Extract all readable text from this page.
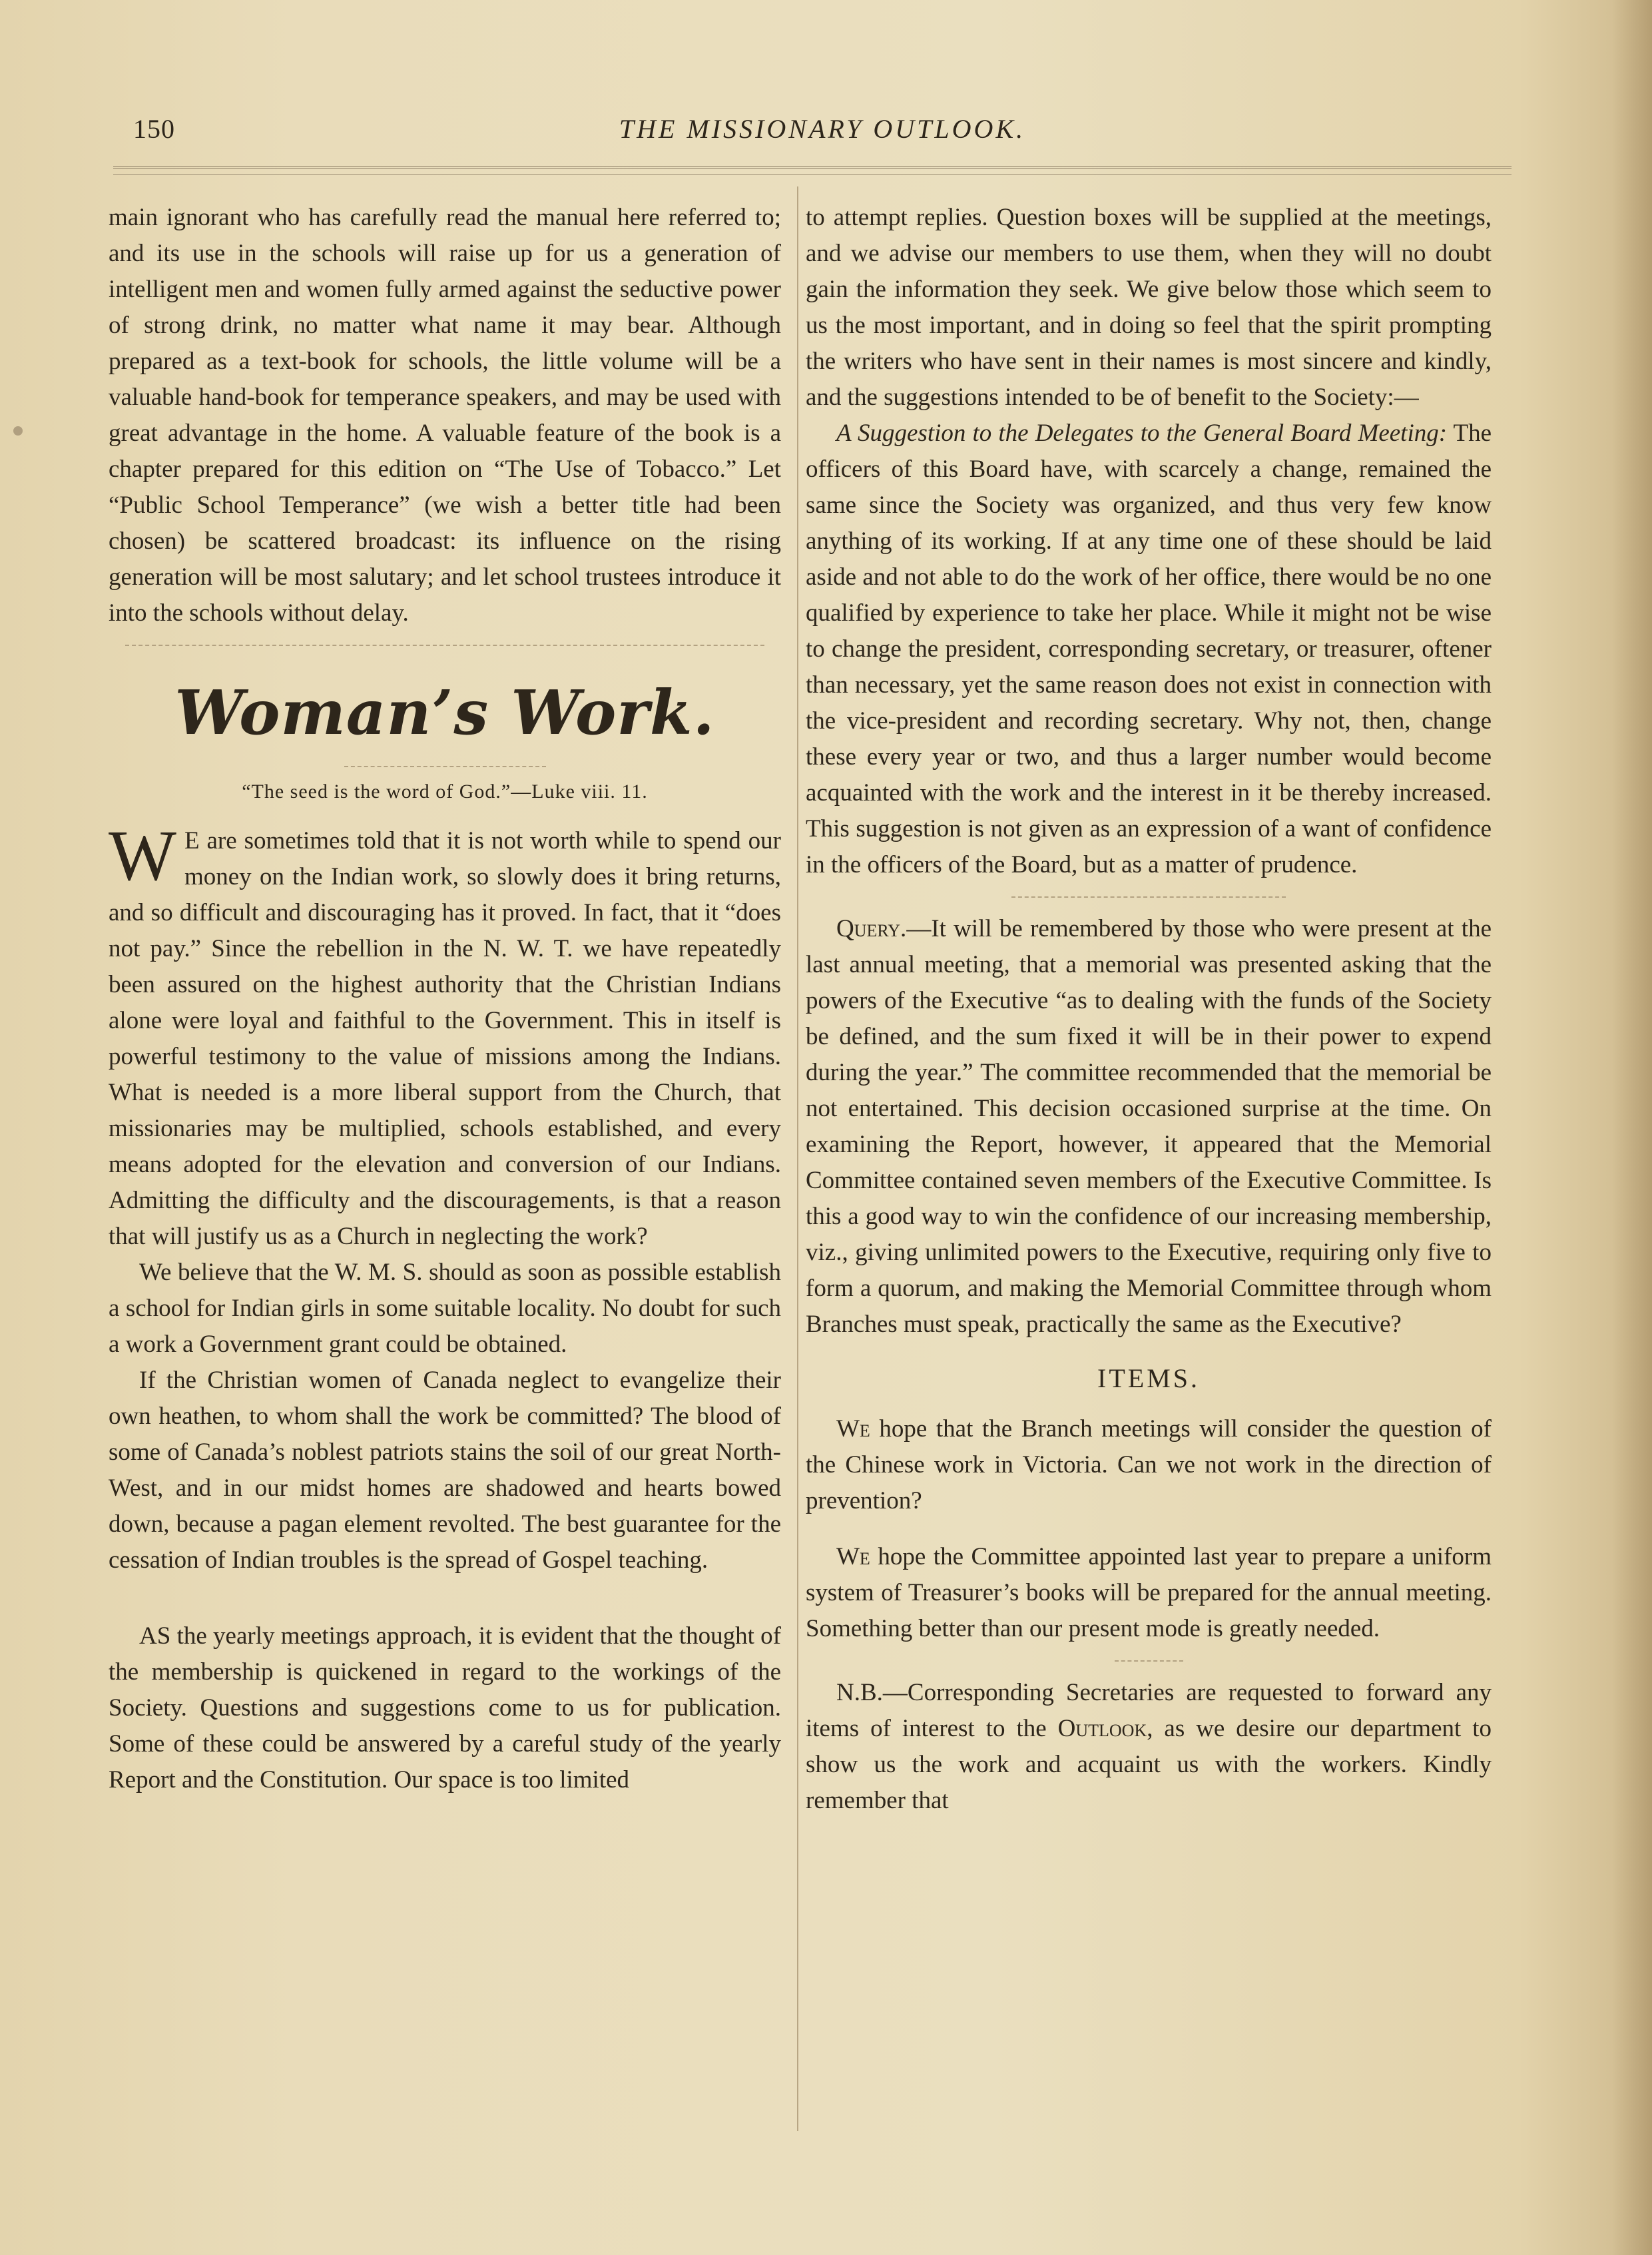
150	THE MISSIONARY OUTLOOK.

main ignorant who has carefully read the manual here referred to; and its use in the schools will raise up for us a generation of intelligent men and women fully armed against the seductive power of strong drink, no matter what name it may bear. Although prepared as a text-book for schools, the little volume will be a valuable hand-book for temperance speakers, and may be used with great advantage in the home. A valuable feature of the book is a chapter prepared for this edition on “The Use of Tobacco.” Let “Public School Temperance” (we wish a better title had been chosen) be scattered broadcast: its influence on the rising generation will be most salutary; and let school trustees introduce it into the schools without delay.

Woman’s Work.
“The seed is the word of God.”—Luke viii. 11.

WE are sometimes told that it is not worth while to spend our money on the Indian work, so slowly does it bring returns, and so difficult and discouraging has it proved. In fact, that it “does not pay.” Since the rebellion in the N. W. T. we have repeatedly been assured on the highest authority that the Christian Indians alone were loyal and faithful to the Government. This in itself is powerful testimony to the value of missions among the Indians. What is needed is a more liberal support from the Church, that missionaries may be multiplied, schools established, and every means adopted for the elevation and conversion of our Indians. Admitting the difficulty and the discouragements, is that a reason that will justify us as a Church in neglecting the work?

We believe that the W. M. S. should as soon as possible establish a school for Indian girls in some suitable locality. No doubt for such a work a Government grant could be obtained.

If the Christian women of Canada neglect to evangelize their own heathen, to whom shall the work be committed? The blood of some of Canada’s noblest patriots stains the soil of our great North-West, and in our midst homes are shadowed and hearts bowed down, because a pagan element revolted. The best guarantee for the cessation of Indian troubles is the spread of Gospel teaching.

AS the yearly meetings approach, it is evident that the thought of the membership is quickened in regard to the workings of the Society. Questions and suggestions come to us for publication. Some of these could be answered by a careful study of the yearly Report and the Constitution. Our space is too limited

to attempt replies. Question boxes will be supplied at the meetings, and we advise our members to use them, when they will no doubt gain the information they seek. We give below those which seem to us the most important, and in doing so feel that the spirit prompting the writers who have sent in their names is most sincere and kindly, and the suggestions intended to be of benefit to the Society:—

A Suggestion to the Delegates to the General Board Meeting: The officers of this Board have, with scarcely a change, remained the same since the Society was organized, and thus very few know anything of its working. If at any time one of these should be laid aside and not able to do the work of her office, there would be no one qualified by experience to take her place. While it might not be wise to change the president, corresponding secretary, or treasurer, oftener than necessary, yet the same reason does not exist in connection with the vice-president and recording secretary. Why not, then, change these every year or two, and thus a larger number would become acquainted with the work and the interest in it be thereby increased. This suggestion is not given as an expression of a want of confidence in the officers of the Board, but as a matter of prudence.

Query.—It will be remembered by those who were present at the last annual meeting, that a memorial was presented asking that the powers of the Executive “as to dealing with the funds of the Society be defined, and the sum fixed it will be in their power to expend during the year.” The committee recommended that the memorial be not entertained. This decision occasioned surprise at the time. On examining the Report, however, it appeared that the Memorial Committee contained seven members of the Executive Committee. Is this a good way to win the confidence of our increasing membership, viz., giving unlimited powers to the Executive, requiring only five to form a quorum, and making the Memorial Committee through whom Branches must speak, practically the same as the Executive?

ITEMS.

We hope that the Branch meetings will consider the question of the Chinese work in Victoria. Can we not work in the direction of prevention?

We hope the Committee appointed last year to prepare a uniform system of Treasurer’s books will be prepared for the annual meeting. Something better than our present mode is greatly needed.

N.B.—Corresponding Secretaries are requested to forward any items of interest to the Outlook, as we desire our department to show us the work and acquaint us with the workers. Kindly remember that
